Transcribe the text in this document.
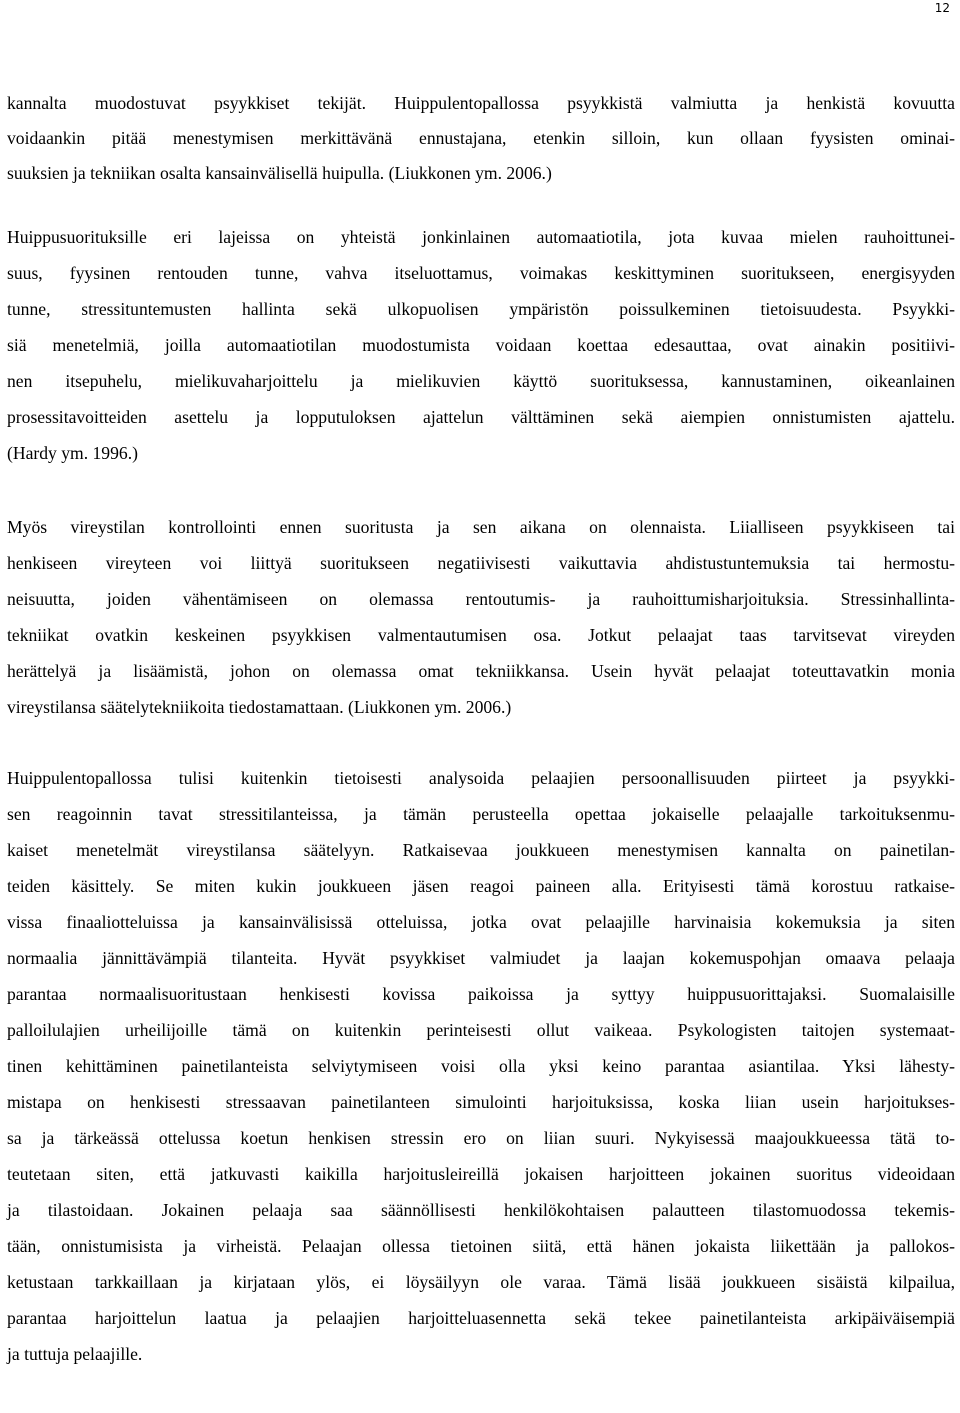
12
kannalta muodostuvat psyykkiset tekijät. Huippulentopallossa psyykkistä valmiutta ja henkistä kovuutta
voidaankin pitää menestymisen merkittävänä ennustajana, etenkin silloin, kun ollaan fyysisten ominai-
suuksien ja tekniikan osalta kansainvälisellä huipulla. (Liukkonen ym. 2006.)
Huippusuorituksille eri lajeissa on yhteistä jonkinlainen automaatiotila, jota kuvaa mielen rauhoittunei-
suus, fyysinen rentouden tunne, vahva itseluottamus, voimakas keskittyminen suoritukseen, energisyyden
tunne, stressituntemusten hallinta sekä ulkopuolisen ympäristön poissulkeminen tietoisuudesta. Psyykki-
siä menetelmiä, joilla automaatiotilan muodostumista voidaan koettaa edesauttaa, ovat ainakin positiivi-
nen itsepuhelu, mielikuvaharjoittelu ja mielikuvien käyttö suorituksessa, kannustaminen, oikeanlainen
prosessitavoitteiden asettelu ja lopputuloksen ajattelun välttäminen sekä aiempien onnistumisten ajattelu.
(Hardy ym. 1996.)
Myös vireystilan kontrollointi ennen suoritusta ja sen aikana on olennaista. Liialliseen psyykkiseen tai
henkiseen vireyteen voi liittyä suoritukseen negatiivisesti vaikuttavia ahdistustuntemuksia tai hermostu-
neisuutta, joiden vähentämiseen on olemassa rentoutumis- ja rauhoittumisharjoituksia. Stressinhallinta-
tekniikat ovatkin keskeinen psyykkisen valmentautumisen osa. Jotkut pelaajat taas tarvitsevat vireyden
herättelyä ja lisäämistä, johon on olemassa omat tekniikkansa. Usein hyvät pelaajat toteuttavatkin monia
vireystilansa säätelytekniikoita tiedostamattaan. (Liukkonen ym. 2006.)
Huippulentopallossa tulisi kuitenkin tietoisesti analysoida pelaajien persoonallisuuden piirteet ja psyykki-
sen reagoinnin tavat stressitilanteissa, ja tämän perusteella opettaa jokaiselle pelaajalle tarkoituksenmu-
kaiset menetelmät vireystilansa säätelyyn. Ratkaisevaa joukkueen menestymisen kannalta on painetilan-
teiden käsittely. Se miten kukin joukkueen jäsen reagoi paineen alla. Erityisesti tämä korostuu ratkaise-
vissa finaaliotteluissa ja kansainvälisissä otteluissa, jotka ovat pelaajille harvinaisia kokemuksia ja siten
normaalia jännittävämpiä tilanteita. Hyvät psyykkiset valmiudet ja laajan kokemuspohjan omaava pelaaja
parantaa normaalisuoritustaan henkisesti kovissa paikoissa ja syttyy huippusuorittajaksi. Suomalaisille
palloilulajien urheilijoille tämä on kuitenkin perinteisesti ollut vaikeaa. Psykologisten taitojen systemaat-
tinen kehittäminen painetilanteista selviytymiseen voisi olla yksi keino parantaa asiantilaa. Yksi lähesty-
mistapa on henkisesti stressaavan painetilanteen simulointi harjoituksissa, koska liian usein harjoitukses-
sa ja tärkeässä ottelussa koetun henkisen stressin ero on liian suuri. Nykyisessä maajoukkueessa tätä to-
teutetaan siten, että jatkuvasti kaikilla harjoitusleireillä jokaisen harjoitteen jokainen suoritus videoidaan
ja tilastoidaan. Jokainen pelaaja saa säännöllisesti henkilökohtaisen palautteen tilastomuodossa tekemis-
tään, onnistumisista ja virheistä. Pelaajan ollessa tietoinen siitä, että hänen jokaista liikettään ja pallokos-
ketustaan tarkkaillaan ja kirjataan ylös, ei löysäilyyn ole varaa. Tämä lisää joukkueen sisäistä kilpailua,
parantaa harjoittelun laatua ja pelaajien harjoitteluasennetta sekä tekee painetilanteista arkipäiväisempiä
ja tuttuja pelaajille.
